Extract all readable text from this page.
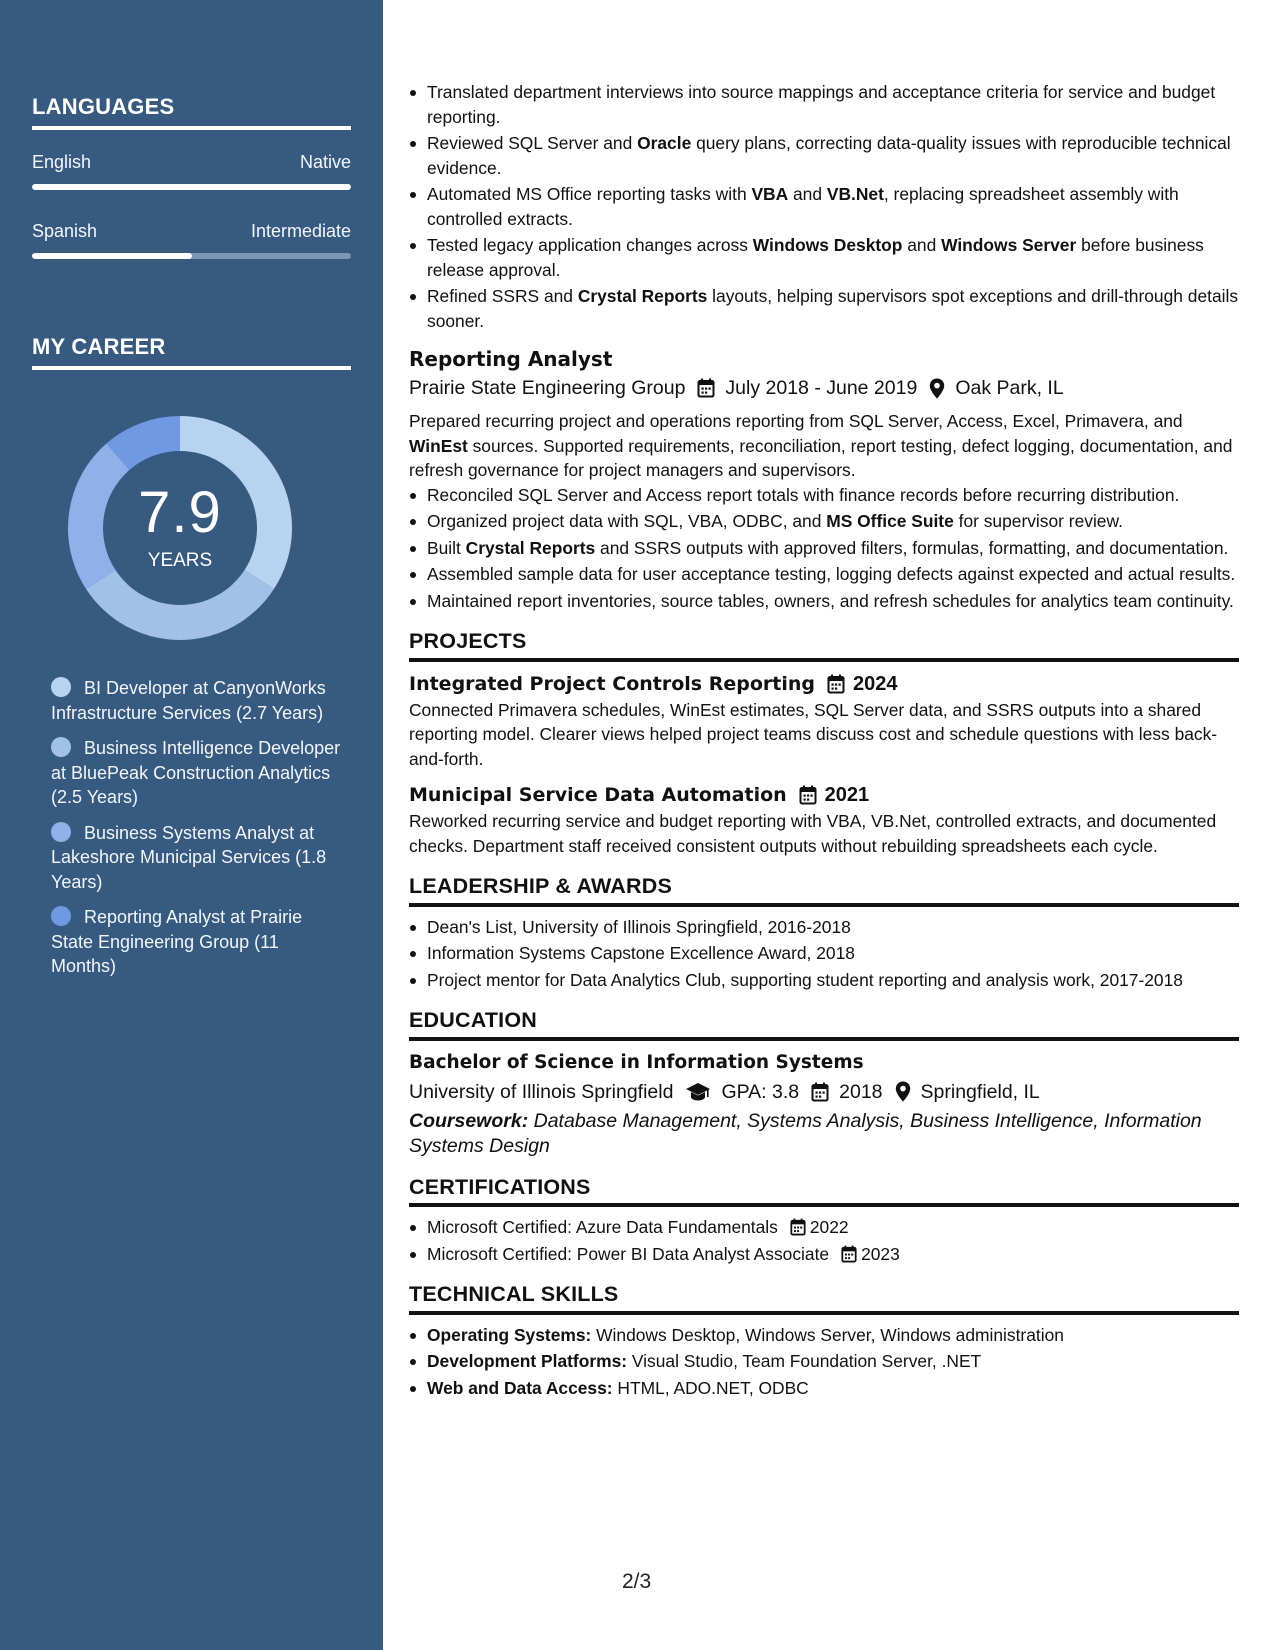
LANGUAGES
English	Native
Spanish	Intermediate
MY CAREER
7.9
YEARS
BI Developer at CanyonWorks Infrastructure Services (2.7 Years)
Business Intelligence Developer at BluePeak Construction Analytics (2.5 Years)
Business Systems Analyst at Lakeshore Municipal Services (1.8 Years)
Reporting Analyst at Prairie State Engineering Group (11 Months)
Translated department interviews into source mappings and acceptance criteria for service and budget reporting.
Reviewed SQL Server and Oracle query plans, correcting data-quality issues with reproducible technical evidence.
Automated MS Office reporting tasks with VBA and VB.Net, replacing spreadsheet assembly with controlled extracts.
Tested legacy application changes across Windows Desktop and Windows Server before business release approval.
Refined SSRS and Crystal Reports layouts, helping supervisors spot exceptions and drill-through details sooner.
Reporting Analyst
Prairie State Engineering Group July 2018 - June 2019 Oak Park, IL
Prepared recurring project and operations reporting from SQL Server, Access, Excel, Primavera, and WinEst sources. Supported requirements, reconciliation, report testing, defect logging, documentation, and refresh governance for project managers and supervisors.
Reconciled SQL Server and Access report totals with finance records before recurring distribution.
Organized project data with SQL, VBA, ODBC, and MS Office Suite for supervisor review.
Built Crystal Reports and SSRS outputs with approved filters, formulas, formatting, and documentation.
Assembled sample data for user acceptance testing, logging defects against expected and actual results.
Maintained report inventories, source tables, owners, and refresh schedules for analytics team continuity.
PROJECTS
Integrated Project Controls Reporting 2024
Connected Primavera schedules, WinEst estimates, SQL Server data, and SSRS outputs into a shared reporting model. Clearer views helped project teams discuss cost and schedule questions with less back-and-forth.
Municipal Service Data Automation 2021
Reworked recurring service and budget reporting with VBA, VB.Net, controlled extracts, and documented checks. Department staff received consistent outputs without rebuilding spreadsheets each cycle.
LEADERSHIP & AWARDS
Dean's List, University of Illinois Springfield, 2016-2018
Information Systems Capstone Excellence Award, 2018
Project mentor for Data Analytics Club, supporting student reporting and analysis work, 2017-2018
EDUCATION
Bachelor of Science in Information Systems
University of Illinois Springfield GPA: 3.8 2018 Springfield, IL
Coursework: Database Management, Systems Analysis, Business Intelligence, Information Systems Design
CERTIFICATIONS
Microsoft Certified: Azure Data Fundamentals 2022
Microsoft Certified: Power BI Data Analyst Associate 2023
TECHNICAL SKILLS
Operating Systems: Windows Desktop, Windows Server, Windows administration
Development Platforms: Visual Studio, Team Foundation Server, .NET
Web and Data Access: HTML, ADO.NET, ODBC
2/3
